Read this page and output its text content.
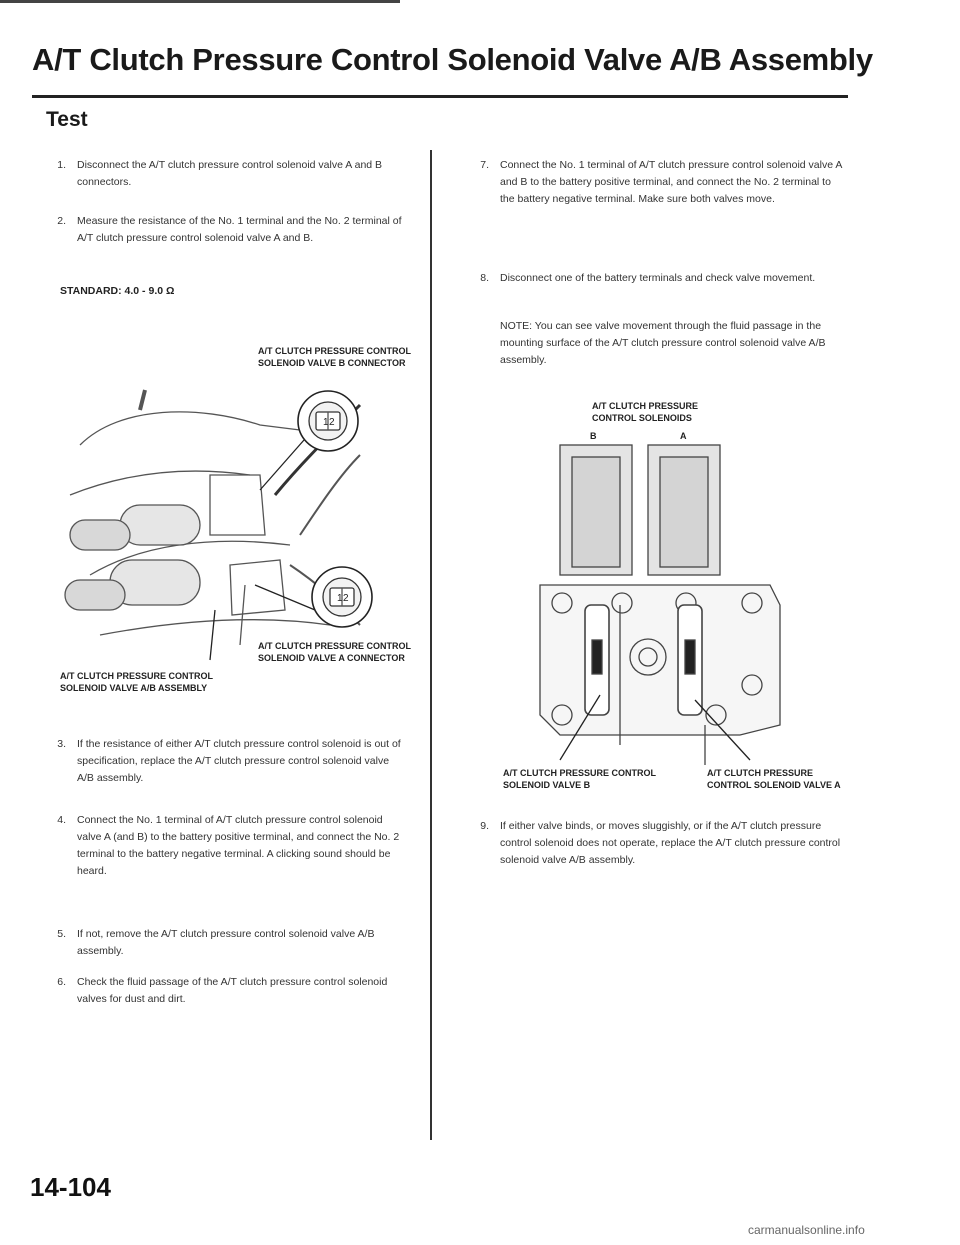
A/T Clutch Pressure Control Solenoid Valve A/B Assembly
Test
1. Disconnect the A/T clutch pressure control solenoid valve A and B connectors.
2. Measure the resistance of the No. 1 terminal and the No. 2 terminal of A/T clutch pressure control solenoid valve A and B.
STANDARD: 4.0 - 9.0 Ω
A/T CLUTCH PRESSURE CONTROL SOLENOID VALVE B CONNECTOR
A/T CLUTCH PRESSURE CONTROL SOLENOID VALVE A CONNECTOR
A/T CLUTCH PRESSURE CONTROL SOLENOID VALVE A/B ASSEMBLY
1 2
1 2
3. If the resistance of either A/T clutch pressure control solenoid is out of specification, replace the A/T clutch pressure control solenoid valve A/B assembly.
4. Connect the No. 1 terminal of A/T clutch pressure control solenoid valve A (and B) to the battery positive terminal, and connect the No. 2 terminal to the battery negative terminal. A clicking sound should be heard.
5. If not, remove the A/T clutch pressure control solenoid valve A/B assembly.
6. Check the fluid passage of the A/T clutch pressure control solenoid valves for dust and dirt.
7. Connect the No. 1 terminal of A/T clutch pressure control solenoid valve A and B to the battery positive terminal, and connect the No. 2 terminal to the battery negative terminal. Make sure both valves move.
8. Disconnect one of the battery terminals and check valve movement.
NOTE: You can see valve movement through the fluid passage in the mounting surface of the A/T clutch pressure control solenoid valve A/B assembly.
A/T CLUTCH PRESSURE CONTROL SOLENOIDS
B	A
A/T CLUTCH PRESSURE CONTROL SOLENOID VALVE B
A/T CLUTCH PRESSURE CONTROL SOLENOID VALVE A
9. If either valve binds, or moves sluggishly, or if the A/T clutch pressure control solenoid does not operate, replace the A/T clutch pressure control solenoid valve A/B assembly.
14-104
carmanualsonline.info
